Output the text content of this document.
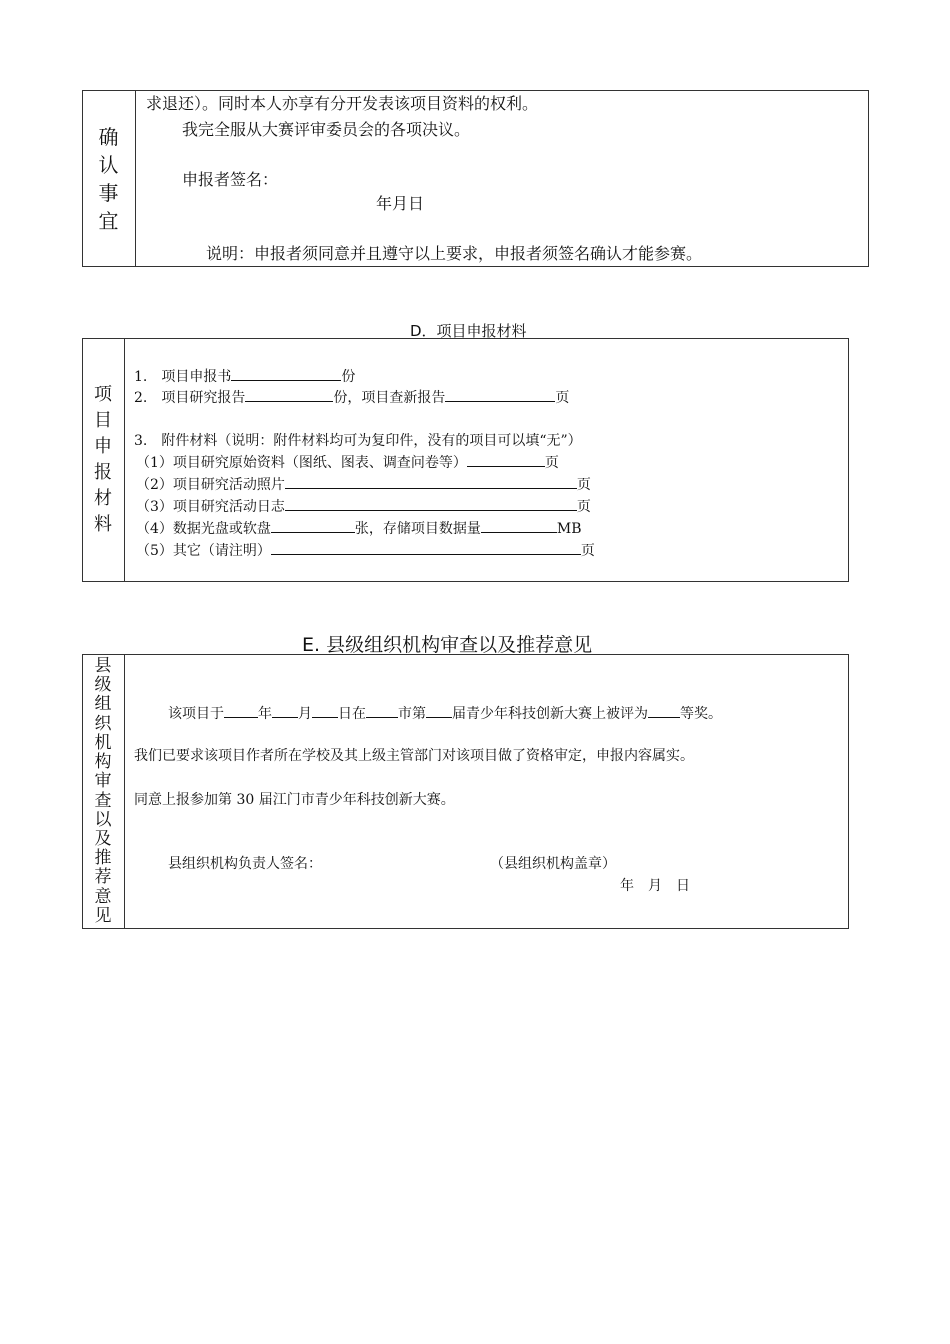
确
认
事
宜
求退还）。同时本人亦享有分开发表该项目资料的权利。
我完全服从大赛评审委员会的各项决议。
申报者签名：
年月日
说明：申报者须同意并且遵守以上要求，申报者须签名确认才能参赛。
D．项目申报材料
项
目
申
报
材
料
1.　项目申报书	份
2.　项目研究报告	份，项目查新报告	页
3.　附件材料（说明：附件材料均可为复印件，没有的项目可以填“无”）
（1）项目研究原始资料（图纸、图表、调查问卷等）	页
（2）项目研究活动照片	页
（3）项目研究活动日志	页
（4）数据光盘或软盘	张，存储项目数据量	MB
（5）其它（请注明）	页
E. 县级组织机构审查以及推荐意见
县
级
组
织
机
构
审
查
以
及
推
荐
意
见
该项目于 年 月 日在 市第 届青少年科技创新大赛上被评为 等奖。
我们已要求该项目作者所在学校及其上级主管部门对该项目做了资格审定，申报内容属实。
同意上报参加第 30 届江门市青少年科技创新大赛。
县组织机构负责人签名：	（县组织机构盖章）
年　月　日
